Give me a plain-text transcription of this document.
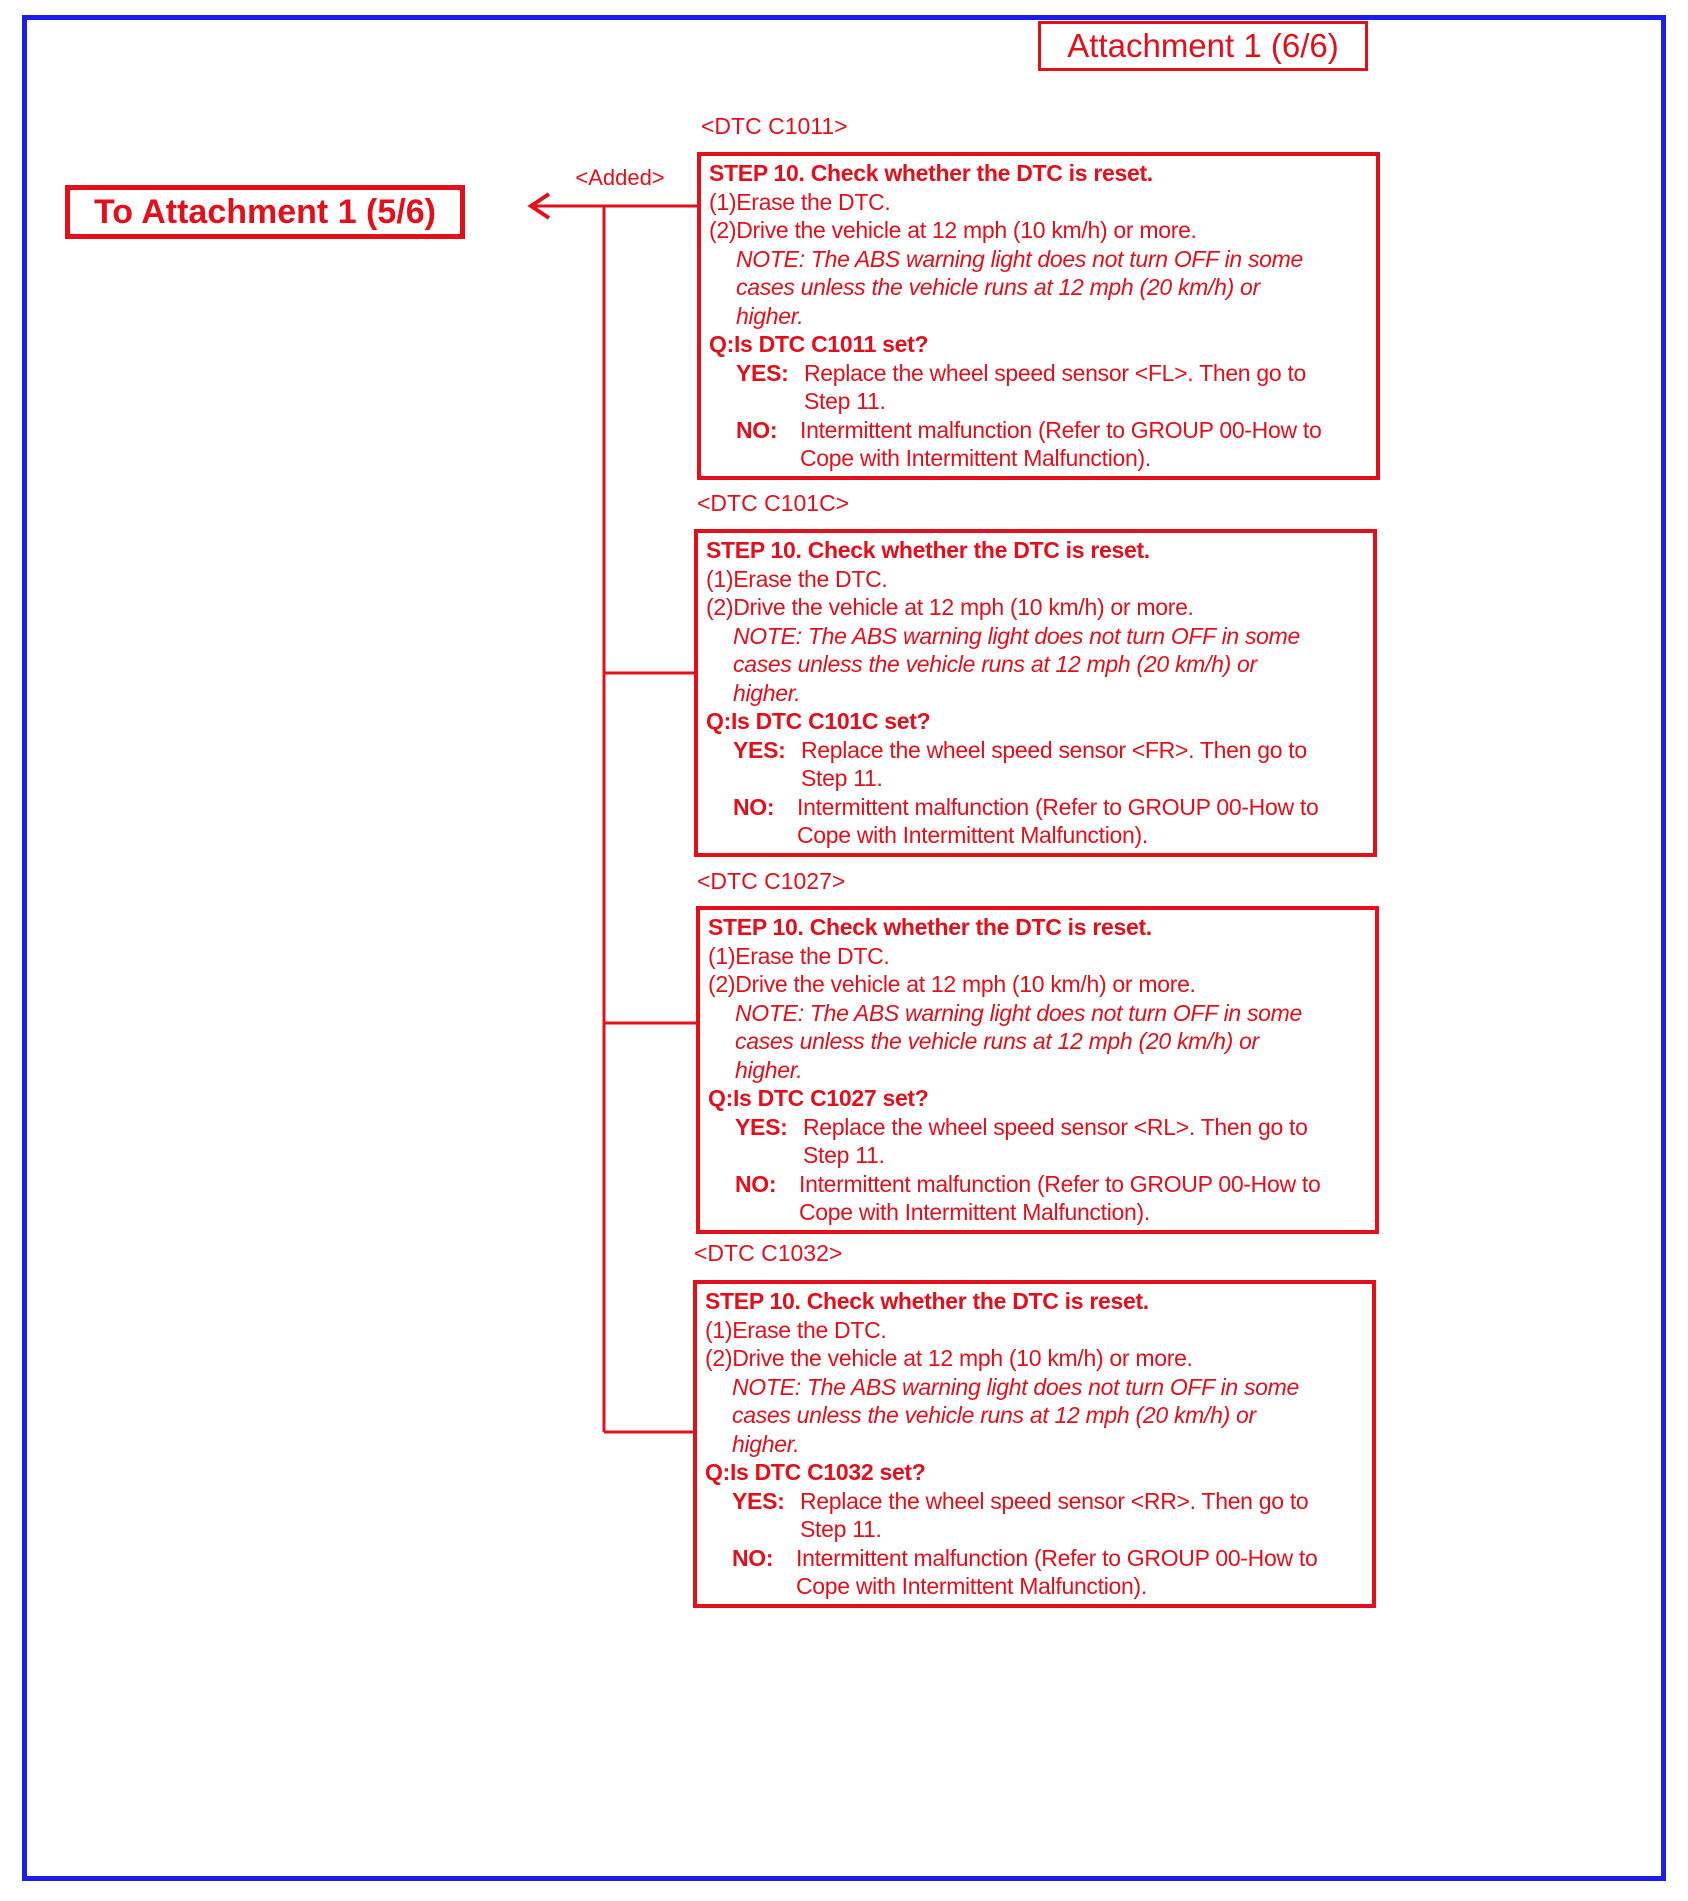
Attachment 1 (6/6)
To Attachment 1 (5/6)
<Added>
<DTC C1011>
STEP 10. Check whether the DTC is reset.
(1)Erase the DTC.
(2)Drive the vehicle at 12 mph (10 km/h) or more.
NOTE: The ABS warning light does not turn OFF in some
cases unless the vehicle runs at 12 mph (20 km/h) or
higher.
Q:Is DTC C1011 set?
YES: Replace the wheel speed sensor <FL>. Then go to
Step 11.
NO: Intermittent malfunction (Refer to GROUP 00-How to
Cope with Intermittent Malfunction).
<DTC C101C>
STEP 10. Check whether the DTC is reset.
(1)Erase the DTC.
(2)Drive the vehicle at 12 mph (10 km/h) or more.
NOTE: The ABS warning light does not turn OFF in some
cases unless the vehicle runs at 12 mph (20 km/h) or
higher.
Q:Is DTC C101C set?
YES: Replace the wheel speed sensor <FR>. Then go to
Step 11.
NO: Intermittent malfunction (Refer to GROUP 00-How to
Cope with Intermittent Malfunction).
<DTC C1027>
STEP 10. Check whether the DTC is reset.
(1)Erase the DTC.
(2)Drive the vehicle at 12 mph (10 km/h) or more.
NOTE: The ABS warning light does not turn OFF in some
cases unless the vehicle runs at 12 mph (20 km/h) or
higher.
Q:Is DTC C1027 set?
YES: Replace the wheel speed sensor <RL>. Then go to
Step 11.
NO: Intermittent malfunction (Refer to GROUP 00-How to
Cope with Intermittent Malfunction).
<DTC C1032>
STEP 10. Check whether the DTC is reset.
(1)Erase the DTC.
(2)Drive the vehicle at 12 mph (10 km/h) or more.
NOTE: The ABS warning light does not turn OFF in some
cases unless the vehicle runs at 12 mph (20 km/h) or
higher.
Q:Is DTC C1032 set?
YES: Replace the wheel speed sensor <RR>. Then go to
Step 11.
NO: Intermittent malfunction (Refer to GROUP 00-How to
Cope with Intermittent Malfunction).
